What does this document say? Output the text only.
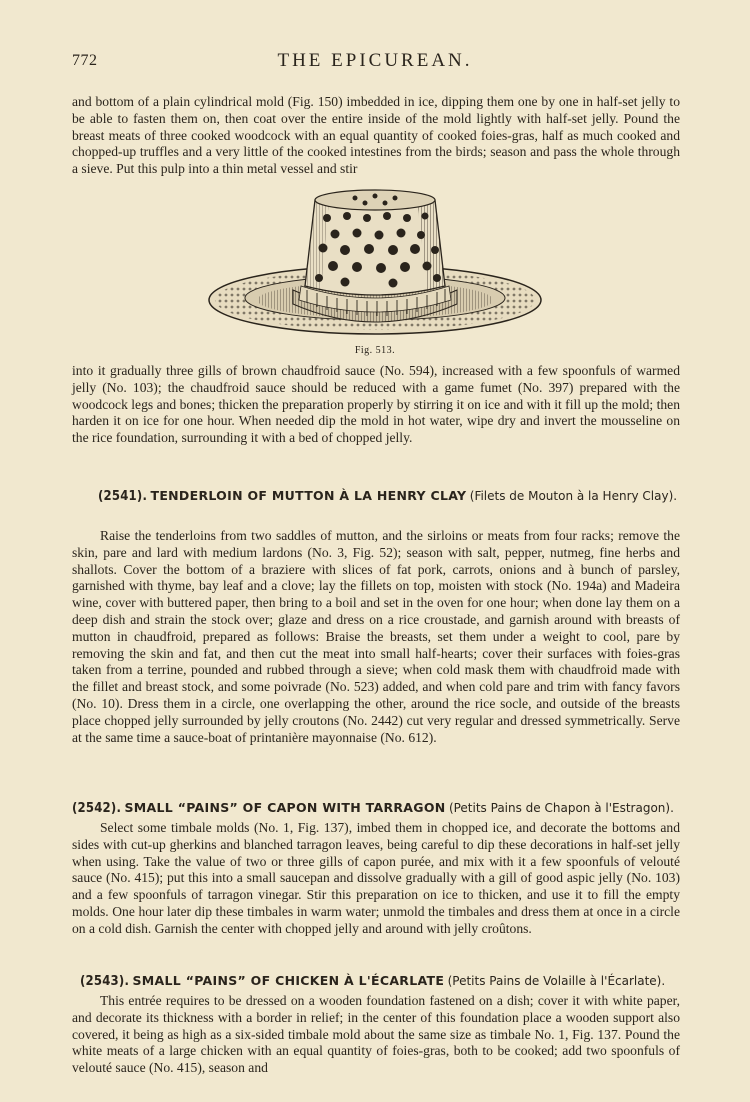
772	THE EPICUREAN.

and bottom of a plain cylindrical mold (Fig. 150) imbedded in ice, dipping them one by one in half-set jelly to be able to fasten them on, then coat over the entire inside of the mold lightly with half-set jelly. Pound the breast meats of three cooked woodcock with an equal quantity of cooked foies-gras, half as much cooked and chopped-up truffles and a very little of the cooked intestines from the birds; season and pass the whole through a sieve. Put this pulp into a thin metal vessel and stir

Fig. 513.

into it gradually three gills of brown chaudfroid sauce (No. 594), increased with a few spoonfuls of warmed jelly (No. 103); the chaudfroid sauce should be reduced with a game fumet (No. 397) prepared with the woodcock legs and bones; thicken the preparation properly by stirring it on ice and with it fill up the mold; then harden it on ice for one hour. When needed dip the mold in hot water, wipe dry and invert the mousseline on the rice foundation, surrounding it with a bed of chopped jelly.

(2541). TENDERLOIN OF MUTTON À LA HENRY CLAY (Filets de Mouton à la Henry Clay).

Raise the tenderloins from two saddles of mutton, and the sirloins or meats from four racks; remove the skin, pare and lard with medium lardons (No. 3, Fig. 52); season with salt, pepper, nutmeg, fine herbs and shallots. Cover the bottom of a braziere with slices of fat pork, carrots, onions and à bunch of parsley, garnished with thyme, bay leaf and a clove; lay the fillets on top, moisten with stock (No. 194a) and Madeira wine, cover with buttered paper, then bring to a boil and set in the oven for one hour; when done lay them on a deep dish and strain the stock over; glaze and dress on a rice croustade, and garnish around with breasts of mutton in chaudfroid, prepared as follows: Braise the breasts, set them under a weight to cool, pare by removing the skin and fat, and then cut the meat into small half-hearts; cover their surfaces with foies-gras taken from a terrine, pounded and rubbed through a sieve; when cold mask them with chaudfroid made with the fillet and breast stock, and some poivrade (No. 523) added, and when cold pare and trim with fancy favors (No. 10). Dress them in a circle, one overlapping the other, around the rice socle, and outside of the breasts place chopped jelly surrounded by jelly croutons (No. 2442) cut very regular and dressed symmetrically. Serve at the same time a sauce-boat of printanière mayonnaise (No. 612).

(2542). SMALL “PAINS” OF CAPON WITH TARRAGON (Petits Pains de Chapon à l'Estragon).

Select some timbale molds (No. 1, Fig. 137), imbed them in chopped ice, and decorate the bottoms and sides with cut-up gherkins and blanched tarragon leaves, being careful to dip these decorations in half-set jelly when using. Take the value of two or three gills of capon purée, and mix with it a few spoonfuls of velouté sauce (No. 415); put this into a small saucepan and dissolve gradually with a gill of good aspic jelly (No. 103) and a few spoonfuls of tarragon vinegar. Stir this preparation on ice to thicken, and use it to fill the empty molds. One hour later dip these timbales in warm water; unmold the timbales and dress them at once in a circle on a cold dish. Garnish the center with chopped jelly and around with jelly croûtons.

(2543). SMALL “PAINS” OF CHICKEN À L'ÉCARLATE (Petits Pains de Volaille à l'Écarlate).

This entrée requires to be dressed on a wooden foundation fastened on a dish; cover it with white paper, and decorate its thickness with a border in relief; in the center of this foundation place a wooden support also covered, it being as high as a six-sided timbale mold about the same size as timbale No. 1, Fig. 137. Pound the white meats of a large chicken with an equal quantity of foies-gras, both to be cooked; add two spoonfuls of velouté sauce (No. 415), season and
